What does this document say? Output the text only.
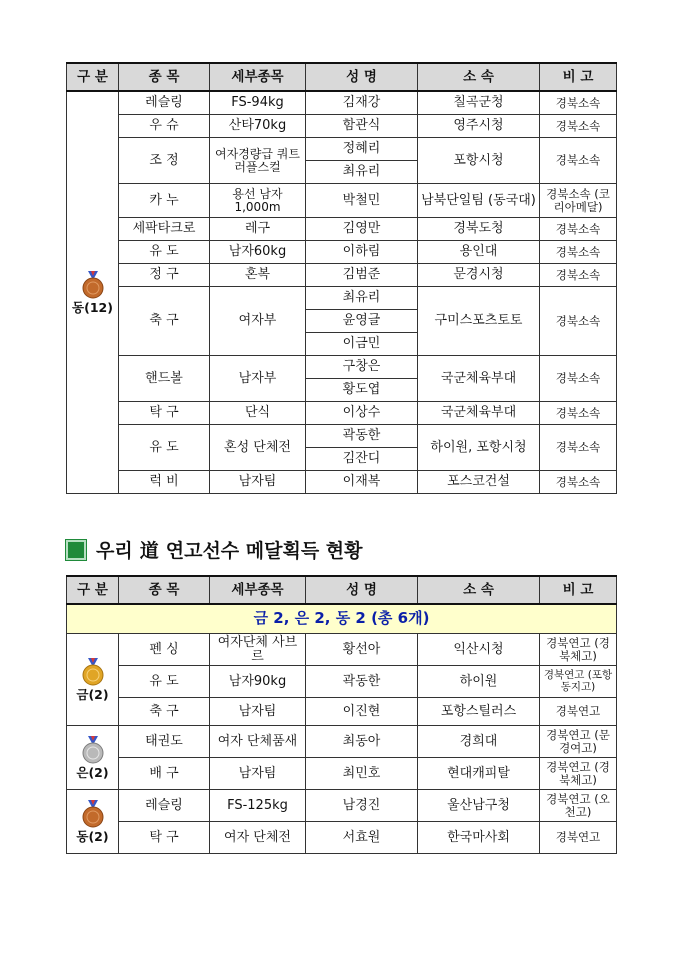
구 분	종 목	세부종목	성 명	소 속	비 고

동(12)	레슬링	FS-94kg	김재강	칠곡군청	경북소속
	우 슈	산타70kg	함관식	영주시청	경북소속
	조 정	여자경량급 쿼트러플스컬	정혜리	포항시청	경북소속
			최유리		
	카 누	용선 남자1,000m	박철민	남북단일팀 (동국대)	경북소속 (코리아메달)
	세팍타크로	레구	김영만	경북도청	경북소속
	유 도	남자60kg	이하림	용인대	경북소속
	정 구	혼복	김범준	문경시청	경북소속
	축 구	여자부	최유리	구미스포츠토토	경북소속
			윤영글		
			이금민		
	핸드볼	남자부	구창은	국군체육부대	경북소속
			황도엽		
	탁 구	단식	이상수	국군체육부대	경북소속
	유 도	혼성 단체전	곽동한	하이원, 포항시청	경북소속
			김잔디		
	럭 비	남자팀	이재복	포스코건설	경북소속
우리 道 연고선수 메달획득 현황
구 분	종 목	세부종목	성 명	소 속	비 고
금 2, 은 2, 동 2 (총 6개)					

금(2)	펜 싱	여자단체 사브르	황선아	익산시청	경북연고 (경북체고)
	유 도	남자90kg	곽동한	하이원	경북연고 (포항동지고)
	축 구	남자팀	이진현	포항스틸러스	경북연고

은(2)	태권도	여자 단체품새	최동아	경희대	경북연고 (문경여고)
	배 구	남자팀	최민호	현대캐피탈	경북연고 (경북체고)

동(2)	레슬링	FS-125kg	남경진	울산남구청	경북연고 (오천고)
	탁 구	여자 단체전	서효원	한국마사회	경북연고
